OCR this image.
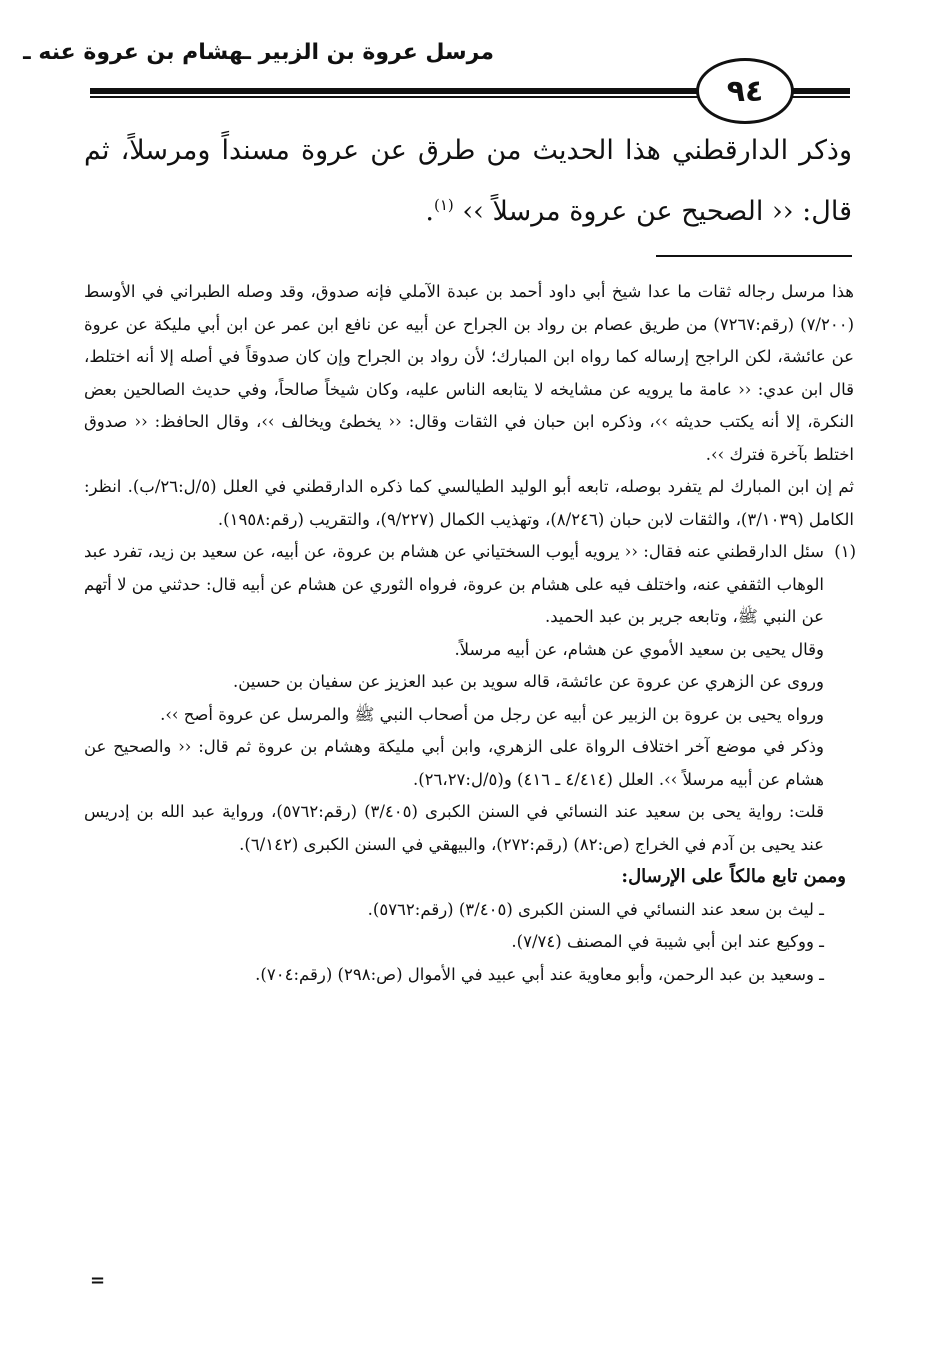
مرسل عروة بن الزبير ـهشام بن عروة عنه ـ
٩٤
وذكر الدارقطني هذا الحديث من طرق عن عروة مسنداً ومرسلاً، ثم قال: ‹‹ الصحيح عن عروة مرسلاً ›› $^{(١)}$.

هذا مرسل رجاله ثقات ما عدا شيخ أبي داود أحمد بن عبدة الآملي فإنه صدوق، وقد وصله الطبراني في الأوسط (٧/٢٠٠) (رقم:٧٢٦٧) من طريق عصام بن رواد بن الجراح عن أبيه عن نافع ابن عمر عن ابن أبي مليكة عن عروة عن عائشة، لكن الراجح إرساله كما رواه ابن المبارك؛ لأن رواد بن الجراح وإن كان صدوقاً في أصله إلا أنه اختلط، قال ابن عدي: ‹‹ عامة ما يرويه عن مشايخه لا يتابعه الناس عليه، وكان شيخاً صالحاً، وفي حديث الصالحين بعض النكرة، إلا أنه يكتب حديثه ››، وذكره ابن حبان في الثقات وقال: ‹‹ يخطئ ويخالف ››، وقال الحافظ: ‹‹ صدوق اختلط بآخرة فترك ››.

ثم إن ابن المبارك لم يتفرد بوصله، تابعه أبو الوليد الطيالسي كما ذكره الدارقطني في العلل (٥/ل:٢٦/ب). انظر: الكامل (٣/١٠٣٩)، والثقات لابن حبان (٨/٢٤٦)، وتهذيب الكمال (٩/٢٢٧)، والتقريب (رقم:١٩٥٨).

(١)
سئل الدارقطني عنه فقال: ‹‹ يرويه أيوب السختياني عن هشام بن عروة، عن أبيه، عن سعيد بن زيد، تفرد عبد الوهاب الثقفي عنه، واختلف فيه على هشام بن عروة، فرواه الثوري عن هشام عن أبيه قال: حدثني من لا أتهم عن النبي ﷺ، وتابعه جرير بن عبد الحميد.

وقال يحيى بن سعيد الأموي عن هشام، عن أبيه مرسلاً.

وروى عن الزهري عن عروة عن عائشة، قاله سويد بن عبد العزيز عن سفيان بن حسين.

ورواه يحيى بن عروة بن الزبير عن أبيه عن رجل من أصحاب النبي ﷺ والمرسل عن عروة أصح ››.

وذكر في موضع آخر اختلاف الرواة على الزهري، وابن أبي مليكة وهشام بن عروة ثم قال: ‹‹ والصحيح عن هشام عن أبيه مرسلاً ››. العلل (٤/٤١٤ ـ ٤١٦) و(٥/ل:٢٦،٢٧).

قلت: رواية يحى بن سعيد عند النسائي في السنن الكبرى (٣/٤٠٥) (رقم:٥٧٦٢)، ورواية عبد الله بن إدريس عند يحيى بن آدم في الخراج (ص:٨٢) (رقم:٢٧٢)، والبيهقي في السنن الكبرى (٦/١٤٢).

وممن تابع مالكاً على الإرسال:

ـ ليث بن سعد عند النسائي في السنن الكبرى (٣/٤٠٥) (رقم:٥٧٦٢).

ـ ووكيع عند ابن أبي شيبة في المصنف (٧/٧٤).

ـ وسعيد بن عبد الرحمن، وأبو معاوية عند أبي عبيد في الأموال (ص:٢٩٨) (رقم:٧٠٤).

=
